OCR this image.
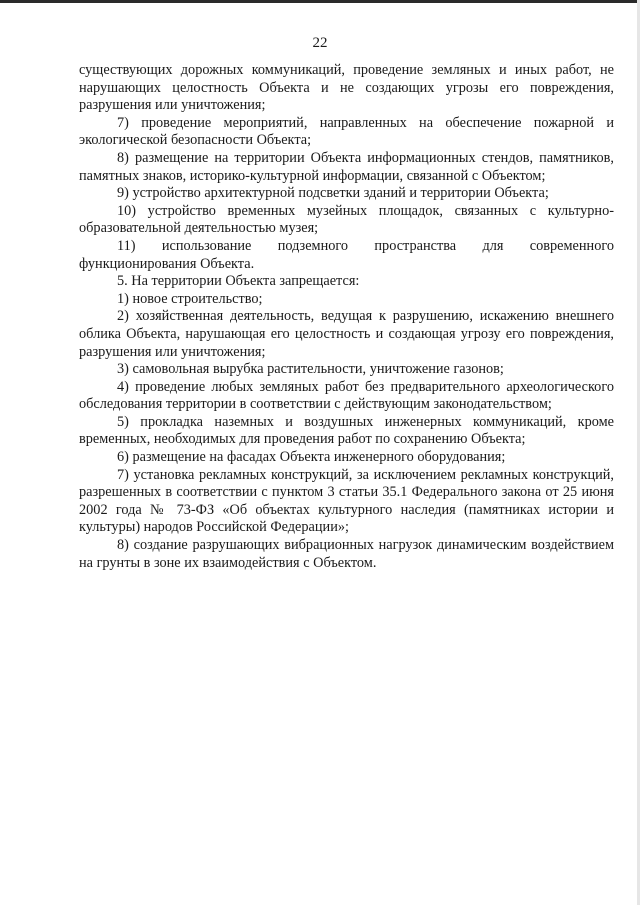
22

существующих дорожных коммуникаций, проведение земляных и иных работ, не нарушающих целостность Объекта и не создающих угрозы его повреждения, разрушения или уничтожения;

7) проведение мероприятий, направленных на обеспечение пожарной и экологической безопасности Объекта;

8) размещение на территории Объекта информационных стендов, памятников, памятных знаков, историко-культурной информации, связанной с Объектом;

9) устройство архитектурной подсветки зданий и территории Объекта;

10) устройство временных музейных площадок, связанных с культурно-образовательной деятельностью музея;

11) использование подземного пространства для современного функционирования Объекта.

5. На территории Объекта запрещается:

1) новое строительство;

2) хозяйственная деятельность, ведущая к разрушению, искажению внешнего облика Объекта, нарушающая его целостность и создающая угрозу его повреждения, разрушения или уничтожения;

3) самовольная вырубка растительности, уничтожение газонов;

4) проведение любых земляных работ без предварительного археологического обследования территории в соответствии с действующим законодательством;

5) прокладка наземных и воздушных инженерных коммуникаций, кроме временных, необходимых для проведения работ по сохранению Объекта;

6) размещение на фасадах Объекта инженерного оборудования;

7) установка рекламных конструкций, за исключением рекламных конструкций, разрешенных в соответствии с пунктом 3 статьи 35.1 Федерального закона от 25 июня 2002 года № 73-ФЗ «Об объектах культурного наследия (памятниках истории и культуры) народов Российской Федерации»;

8) создание разрушающих вибрационных нагрузок динамическим воздействием на грунты в зоне их взаимодействия с Объектом.
